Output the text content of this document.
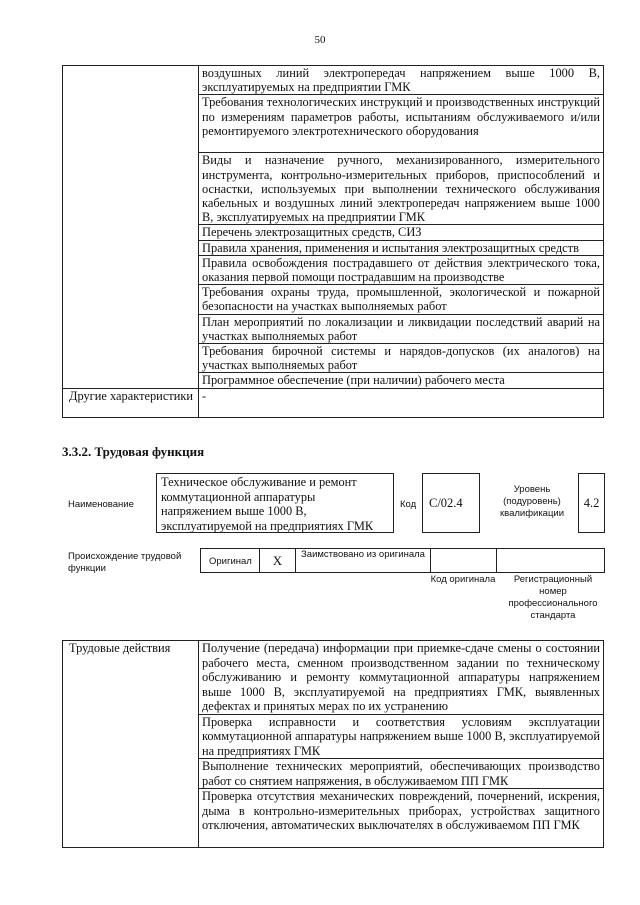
50
	воздушных линий электропередач напряжением выше 1000 В, эксплуатируемых на предприятии ГМК
	Требования технологических инструкций и производственных инструкций по измерениям параметров работы, испытаниям обслуживаемого и/или ремонтируемого электротехнического оборудования
	Виды и назначение ручного, механизированного, измерительного инструмента, контрольно-измерительных приборов, приспособлений и оснастки, используемых при выполнении технического обслуживания кабельных и воздушных линий электропередач напряжением выше 1000 В, эксплуатируемых на предприятии ГМК
	Перечень электрозащитных средств, СИЗ
	Правила хранения, применения и испытания электрозащитных средств
	Правила освобождения пострадавшего от действия электрического тока, оказания первой помощи пострадавшим на производстве
	Требования охраны труда, промышленной, экологической и пожарной безопасности на участках выполняемых работ
	План мероприятий по локализации и ликвидации последствий аварий на участках выполняемых работ
	Требования бирочной системы и нарядов-допусков (их аналогов) на участках выполняемых работ
	Программное обеспечение (при наличии) рабочего места
Другие характеристики	-
3.3.2. Трудовая функция
Наименование
Техническое обслуживание и ремонт коммутационной аппаратуры напряжением выше 1000 В, эксплуатируемой на предприятиях ГМК
Код	C/02.4
Уровень (подуровень) квалификации
4.2
Происхождение трудовой функции
Оригинал	X	Заимствовано из оригинала
Код оригинала	Регистрационный номер профессионального стандарта
Трудовые действия	Получение (передача) информации при приемке-сдаче смены о состоянии рабочего места, сменном производственном задании по техническому обслуживанию и ремонту коммутационной аппаратуры напряжением выше 1000 В, эксплуатируемой на предприятиях ГМК, выявленных дефектах и принятых мерах по их устранению
Проверка исправности и соответствия условиям эксплуатации коммутационной аппаратуры напряжением выше 1000 В, эксплуатируемой на предприятиях ГМК
Выполнение технических мероприятий, обеспечивающих производство работ со снятием напряжения, в обслуживаемом ПП ГМК
Проверка отсутствия механических повреждений, почернений, искрения, дыма в контрольно-измерительных приборах, устройствах защитного отключения, автоматических выключателях в обслуживаемом ПП ГМК
